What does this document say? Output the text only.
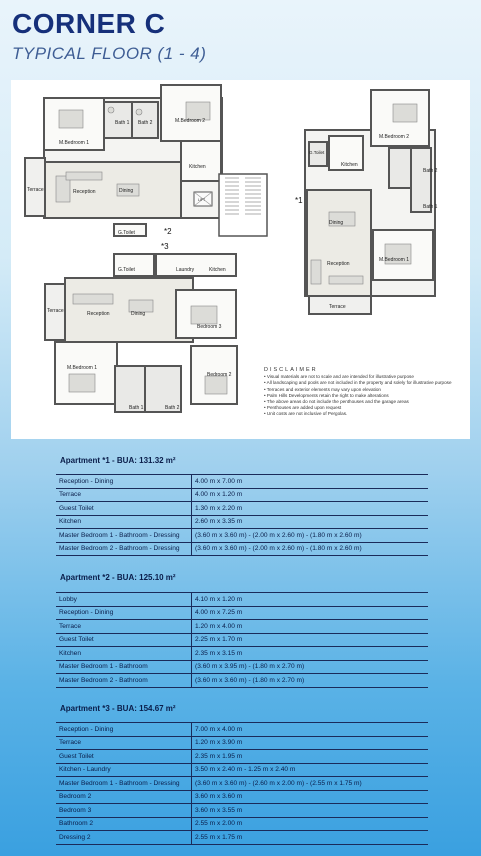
CORNER C
TYPICAL FLOOR (1 - 4)
M.Bedroom 1
Bath 1 Bath 2	M.Bedroom 2
Kitchen
Terrace	Reception	Dining
LIFT
G.Toilet
G.Toilet	Laundry	Kitchen
Terrace	Reception	Dining
Bedroom 3
M.Bedroom 1
Bedroom 2
Bath 1	Bath 2
M.Bedroom 2
G.Toilet
Kitchen
Bath 2
Bath 1
Dining
Reception
M.Bedroom 1
Terrace
*1
*2
*3
DISCLAIMER
• Visual materials are not to scale and are intended for illustrative purpose
• All landscaping and pools are not included in the property and solely for illustrative purpose
• Terraces and exterior elements may vary upon elevation
• Palm Hills Developments retain the right to make alterations
• The above areas do not include the penthouses and the garage areas
• Penthouses are added upon request
• Unit costs are not inclusive of Pergolas.
Apartment *1 - BUA: 131.32 m²
Reception - Dining	4.00 m x 7.00 m
Terrace	4.00 m x 1.20 m
Guest Toilet	1.30 m x 2.20 m
Kitchen	2.60 m x 3.35 m
Master Bedroom 1 - Bathroom - Dressing	(3.60 m x 3.60 m) - (2.00 m x 2.60 m) - (1.80 m x 2.60 m)
Master Bedroom 2 - Bathroom - Dressing	(3.60 m x 3.60 m) - (2.00 m x 2.60 m) - (1.80 m x 2.60 m)
Apartment *2 - BUA: 125.10 m²
Lobby	4.10 m x 1.20 m
Reception - Dining	4.00 m x 7.25 m
Terrace	1.20 m x 4.00 m
Guest Toilet	2.25 m x 1.70 m
Kitchen	2.35 m x 3.15 m
Master Bedroom 1 - Bathroom	(3.60 m x 3.95 m) - (1.80 m x 2.70 m)
Master Bedroom 2 - Bathroom	(3.60 m x 3.60 m) - (1.80 m x 2.70 m)
Apartment *3 - BUA: 154.67 m²
Reception - Dining	7.00 m x 4.00 m
Terrace	1.20 m x 3.90 m
Guest Toilet	2.35 m x 1.95 m
Kitchen - Laundry	3.50 m x 2.40 m - 1.25 m x 2.40 m
Master Bedroom 1 - Bathroom - Dressing	(3.60 m x 3.60 m) - (2.60 m x 2.00 m) - (2.55 m x 1.75 m)
Bedroom 2	3.60 m x 3.60 m
Bedroom 3	3.60 m x 3.55 m
Bathroom 2	2.55 m x 2.00 m
Dressing 2	2.55 m x 1.75 m
